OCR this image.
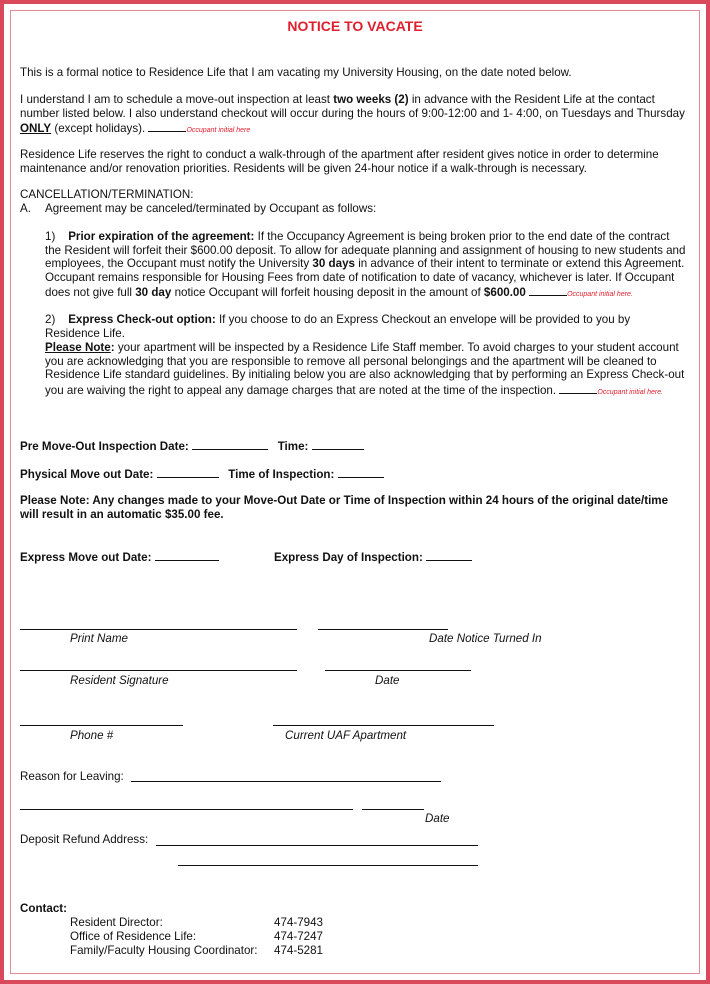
NOTICE TO VACATE

This is a formal notice to Residence Life that I am vacating my University Housing, on the date noted below.

I understand I am to schedule a move-out inspection at least two weeks (2) in advance with the Resident Life at the contact number listed below. I also understand checkout will occur during the hours of 9:00-12:00 and 1- 4:00, on Tuesdays and Thursday ONLY (except holidays).	Occupant initial here

Residence Life reserves the right to conduct a walk-through of the apartment after resident gives notice in order to determine maintenance and/or renovation priorities. Residents will be given 24-hour notice if a walk-through is necessary.

CANCELLATION/TERMINATION:
A. Agreement may be canceled/terminated by Occupant as follows:

1) Prior expiration of the agreement: If the Occupancy Agreement is being broken prior to the end date of the contract the Resident will forfeit their $600.00 deposit. To allow for adequate planning and assignment of housing to new students and employees, the Occupant must notify the University 30 days in advance of their intent to terminate or extend this Agreement. Occupant remains responsible for Housing Fees from date of notification to date of vacancy, whichever is later. If Occupant does not give full 30 day notice Occupant will forfeit housing deposit in the amount of $600.00	Occupant initial here.

2) Express Check-out option: If you choose to do an Express Checkout an envelope will be provided to you by Residence Life.

Please Note: your apartment will be inspected by a Residence Life Staff member. To avoid charges to your student account you are acknowledging that you are responsible to remove all personal belongings and the apartment will be cleaned to Residence Life standard guidelines. By initialing below you are also acknowledging that by performing an Express Check-out you are waiving the right to appeal any damage charges that are noted at the time of the inspection.	Occupant initial here.

Pre Move-Out Inspection Date:	Time:
Physical Move out Date:	Time of Inspection:

Please Note: Any changes made to your Move-Out Date or Time of Inspection within 24 hours of the original date/time will result in an automatic $35.00 fee.

Express Move out Date:	Express Day of Inspection:
Print Name	Date Notice Turned In
Resident Signature	Date
Phone #	Current UAF Apartment
Reason for Leaving:
Date
Deposit Refund Address:
Contact:
Resident Director:	474-7943
Office of Residence Life:	474-7247
Family/Faculty Housing Coordinator: 474-5281
